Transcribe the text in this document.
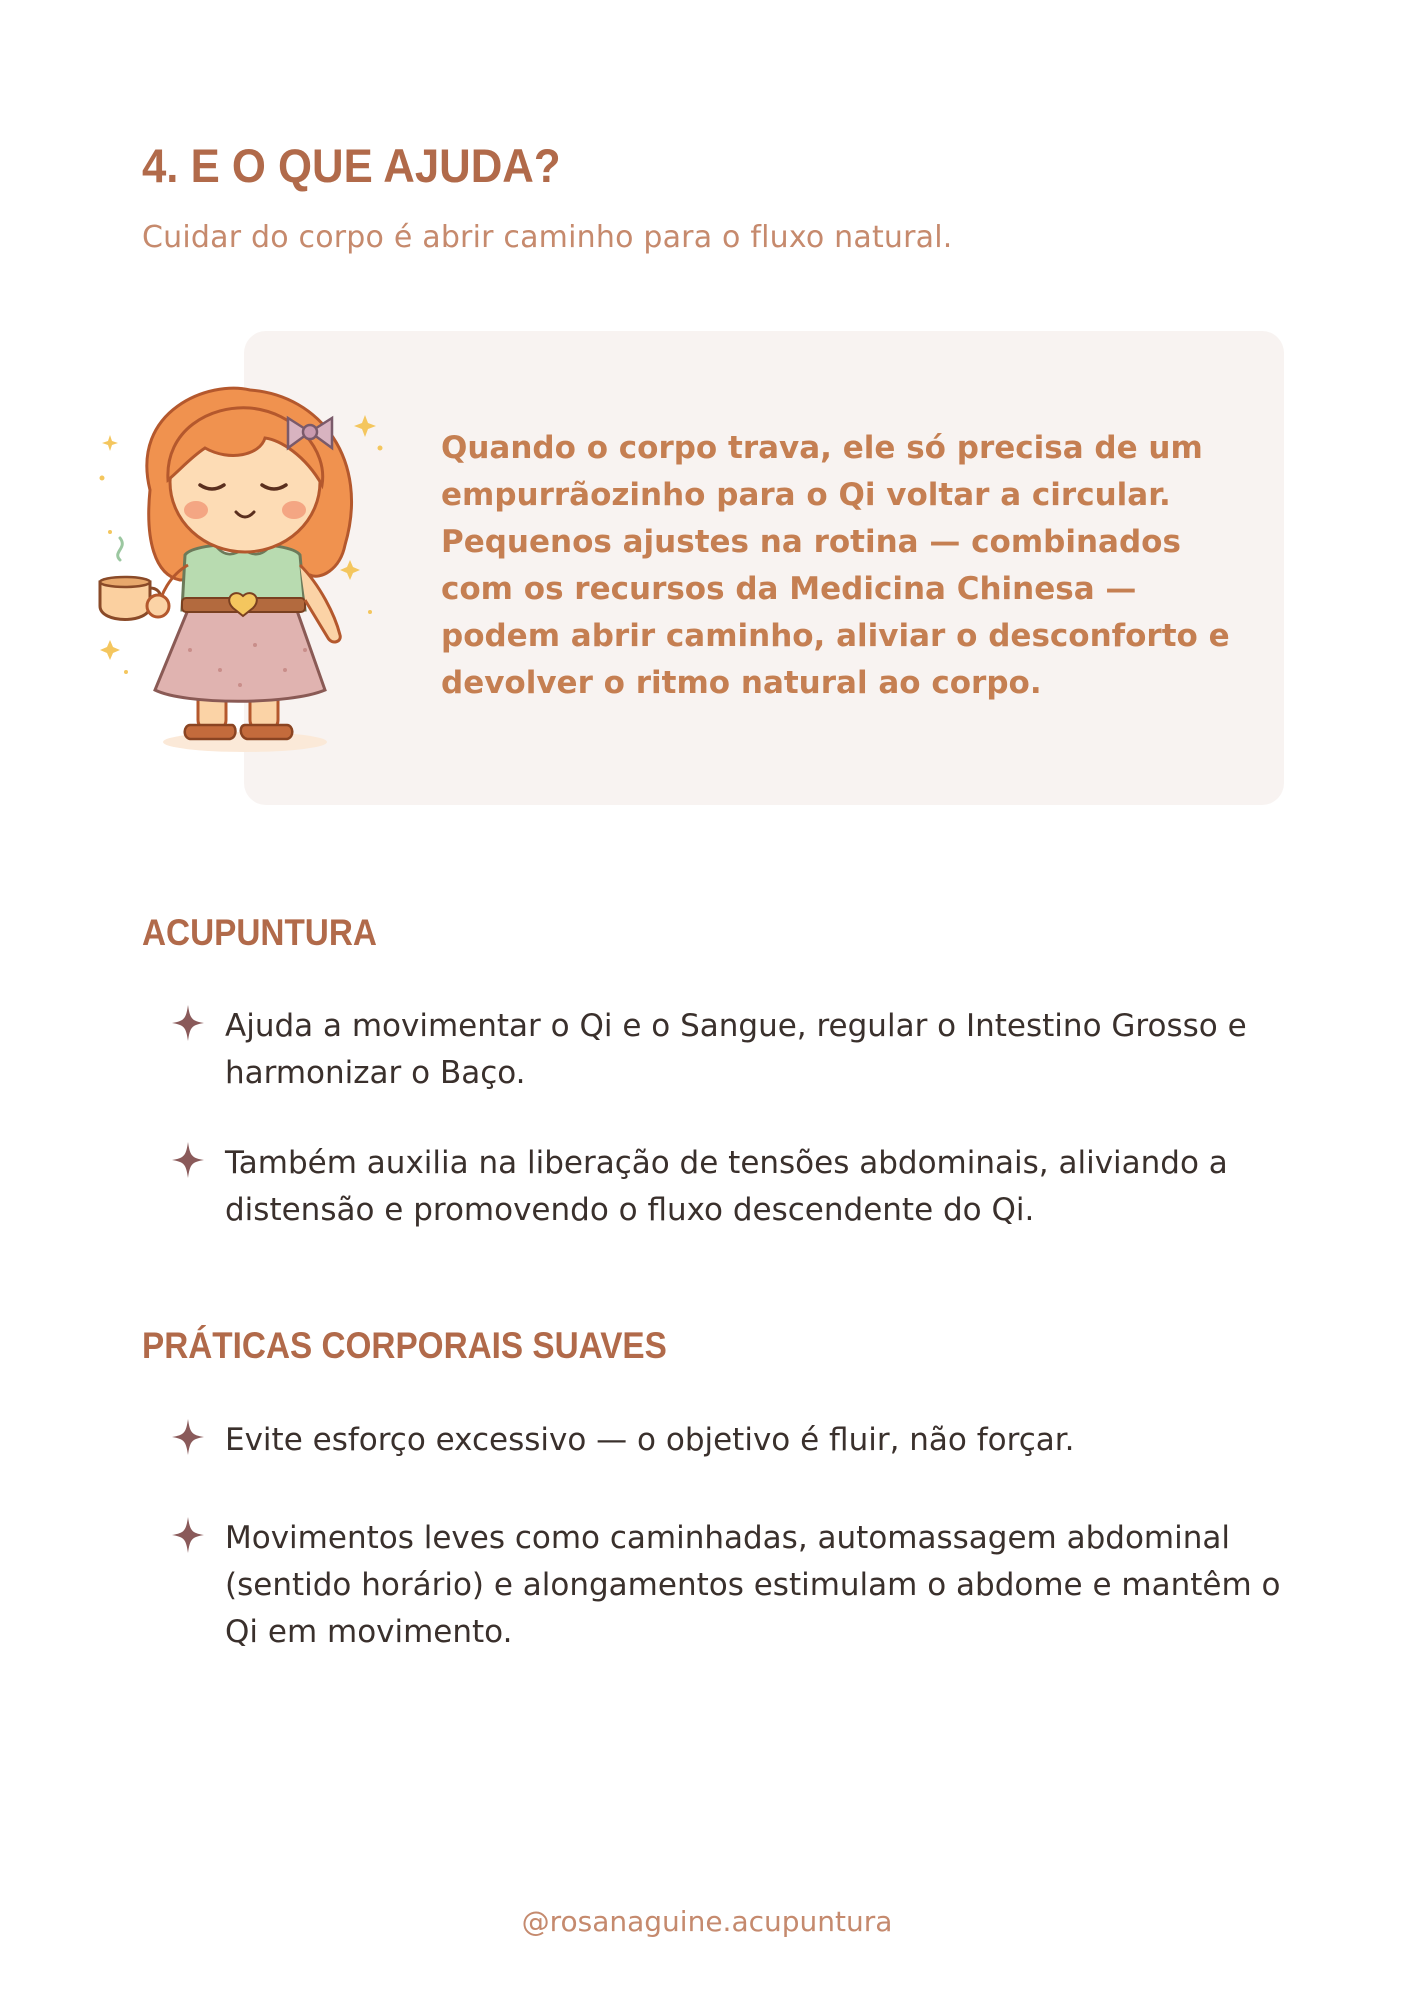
4. E O QUE AJUDA?

Cuidar do corpo é abrir caminho para o fluxo natural.

Quando o corpo trava, ele só precisa de um empurrãozinho para o Qi voltar a circular. Pequenos ajustes na rotina — combinados com os recursos da Medicina Chinesa — podem abrir caminho, aliviar o desconforto e devolver o ritmo natural ao corpo.
ACUPUNTURA
Ajuda a movimentar o Qi e o Sangue, regular o Intestino Grosso e harmonizar o Baço.
Também auxilia na liberação de tensões abdominais, aliviando a distensão e promovendo o fluxo descendente do Qi.
PRÁTICAS CORPORAIS SUAVES
Evite esforço excessivo — o objetivo é fluir, não forçar.
Movimentos leves como caminhadas, automassagem abdominal (sentido horário) e alongamentos estimulam o abdome e mantêm o Qi em movimento.
@rosanaguine.acupuntura
